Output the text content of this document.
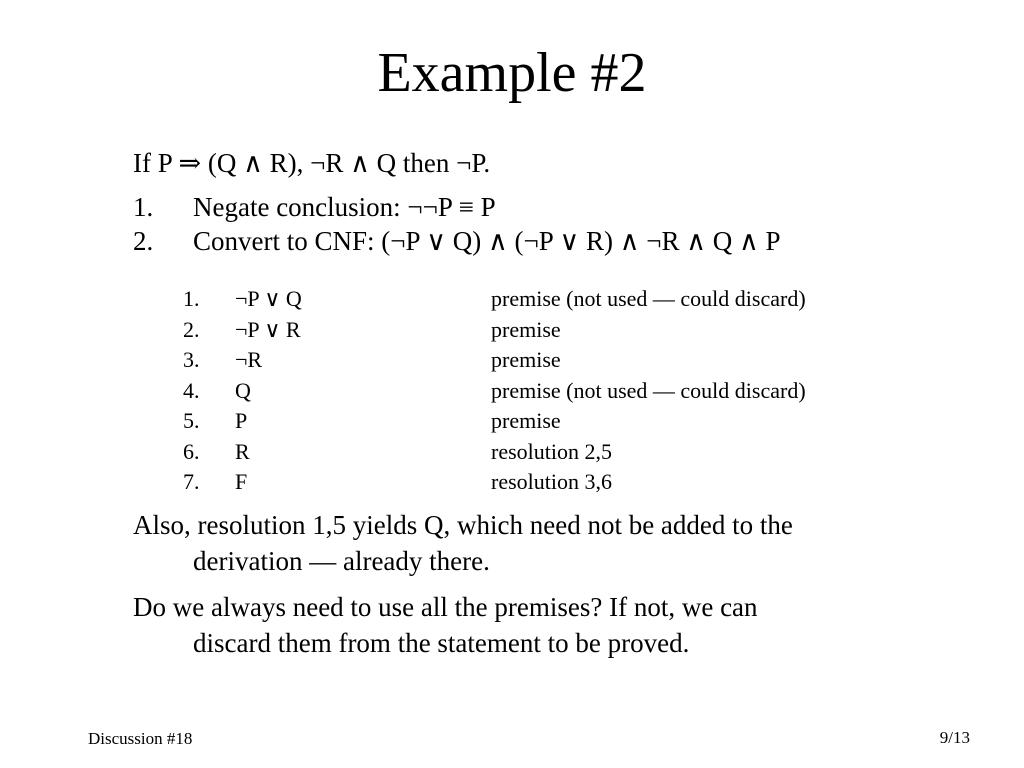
Example #2
If P ⇒ (Q ∧ R), ¬R ∧ Q then ¬P.
1. Negate conclusion: ¬¬P ≡ P
2. Convert to CNF: (¬P ∨ Q) ∧ (¬P ∨ R) ∧ ¬R ∧ Q ∧ P
1. ¬P ∨ Q	premise (not used — could discard)
2. ¬P ∨ R	premise
3. ¬R	premise
4. Q	premise (not used — could discard)
5. P	premise
6. R	resolution 2,5
7. F	resolution 3,6
Also, resolution 1,5 yields Q, which need not be added to the
derivation — already there.
Do we always need to use all the premises? If not, we can
discard them from the statement to be proved.
Discussion #18	9/13
